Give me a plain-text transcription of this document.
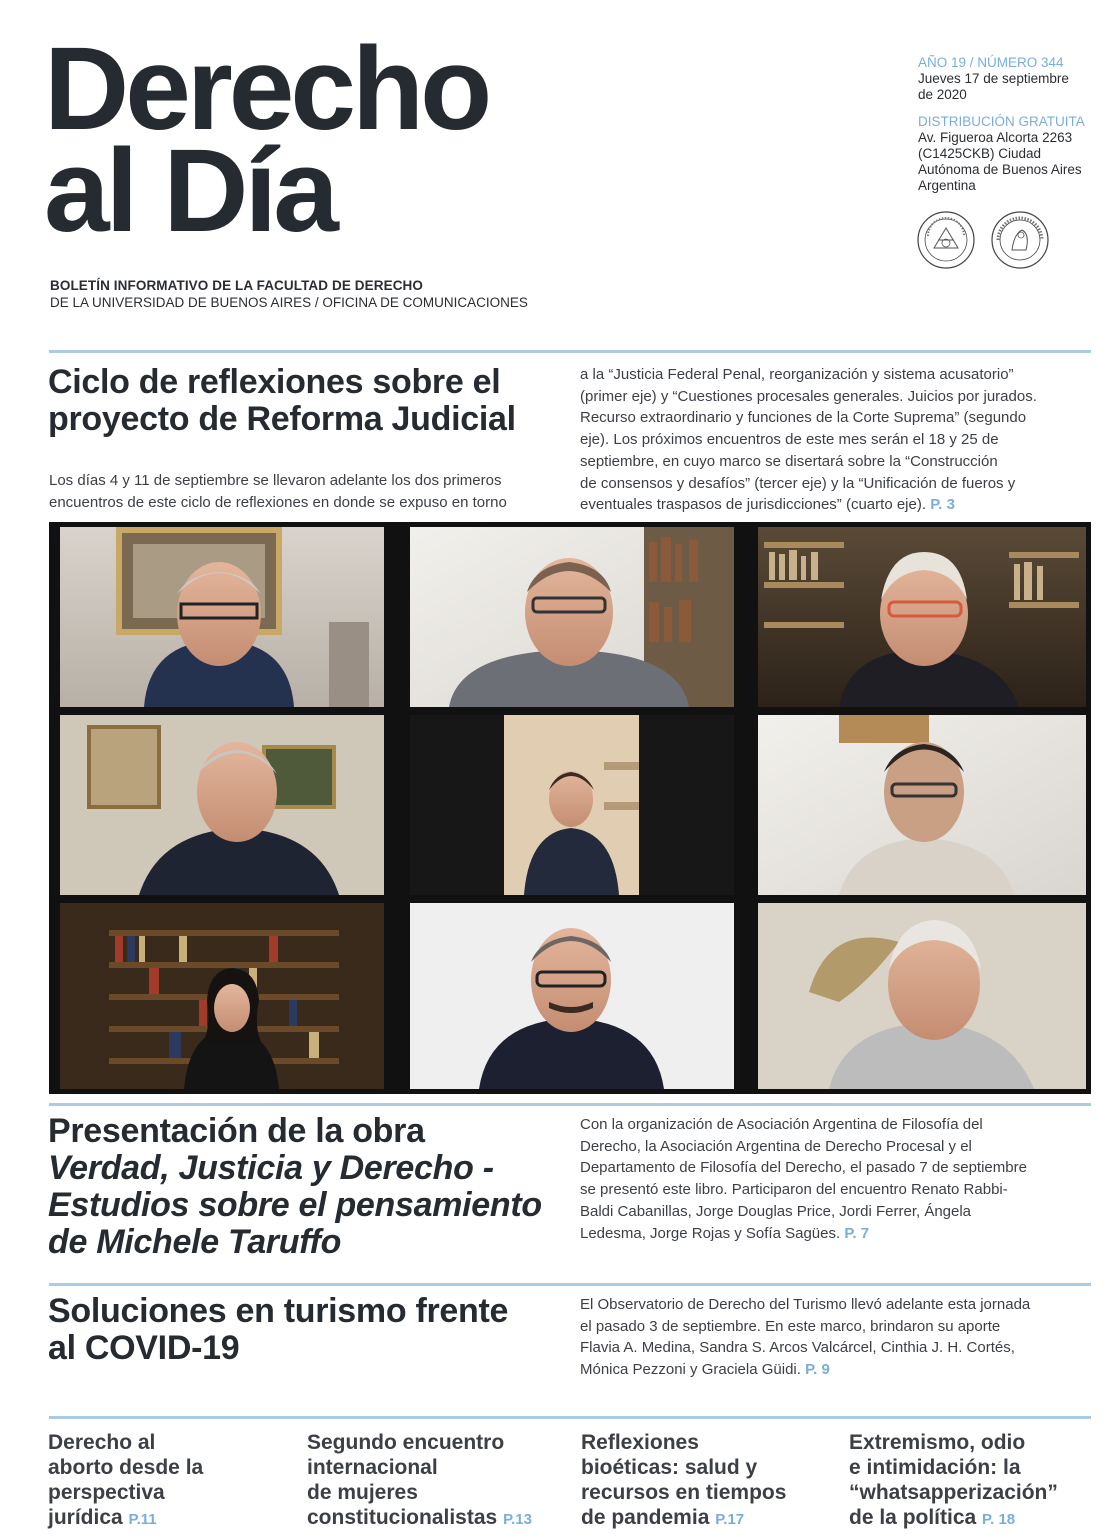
Derecho
al Día
BOLETÍN INFORMATIVO DE LA FACULTAD DE DERECHO
DE LA UNIVERSIDAD DE BUENOS AIRES / OFICINA DE COMUNICACIONES
AÑO 19 / NÚMERO 344
Jueves 17 de septiembre
de 2020
DISTRIBUCIÓN GRATUITA
Av. Figueroa Alcorta 2263
(C1425CKB) Ciudad
Autónoma de Buenos Aires
Argentina
Ciclo de reflexiones sobre el
proyecto de Reforma Judicial

Los días 4 y 11 de septiembre se llevaron adelante los dos primeros
encuentros de este ciclo de reflexiones en donde se expuso en torno

a la “Justicia Federal Penal, reorganización y sistema acusatorio”
(primer eje) y “Cuestiones procesales generales. Juicios por jurados.
Recurso extraordinario y funciones de la Corte Suprema” (segundo
eje). Los próximos encuentros de este mes serán el 18 y 25 de
septiembre, en cuyo marco se disertará sobre la “Construcción
de consensos y desafíos” (tercer eje) y la “Unificación de fueros y
eventuales traspasos de jurisdicciones” (cuarto eje). P. 3

Presentación de la obra
Verdad, Justicia y Derecho -
Estudios sobre el pensamiento
de Michele Taruffo

Con la organización de Asociación Argentina de Filosofía del
Derecho, la Asociación Argentina de Derecho Procesal y el
Departamento de Filosofía del Derecho, el pasado 7 de septiembre
se presentó este libro. Participaron del encuentro Renato Rabbi-
Baldi Cabanillas, Jorge Douglas Price, Jordi Ferrer, Ángela
Ledesma, Jorge Rojas y Sofía Sagües. P. 7

Soluciones en turismo frente
al COVID-19

El Observatorio de Derecho del Turismo llevó adelante esta jornada
el pasado 3 de septiembre. En este marco, brindaron su aporte
Flavia A. Medina, Sandra S. Arcos Valcárcel, Cinthia J. H. Cortés,
Mónica Pezzoni y Graciela Güidi. P. 9

Derecho al
aborto desde la
perspectiva
jurídica P.11
Segundo encuentro
internacional
de mujeres
constitucionalistas P.13
Reflexiones
bioéticas: salud y
recursos en tiempos
de pandemia P.17
Extremismo, odio
e intimidación: la
“whatsapperización”
de la política P. 18
